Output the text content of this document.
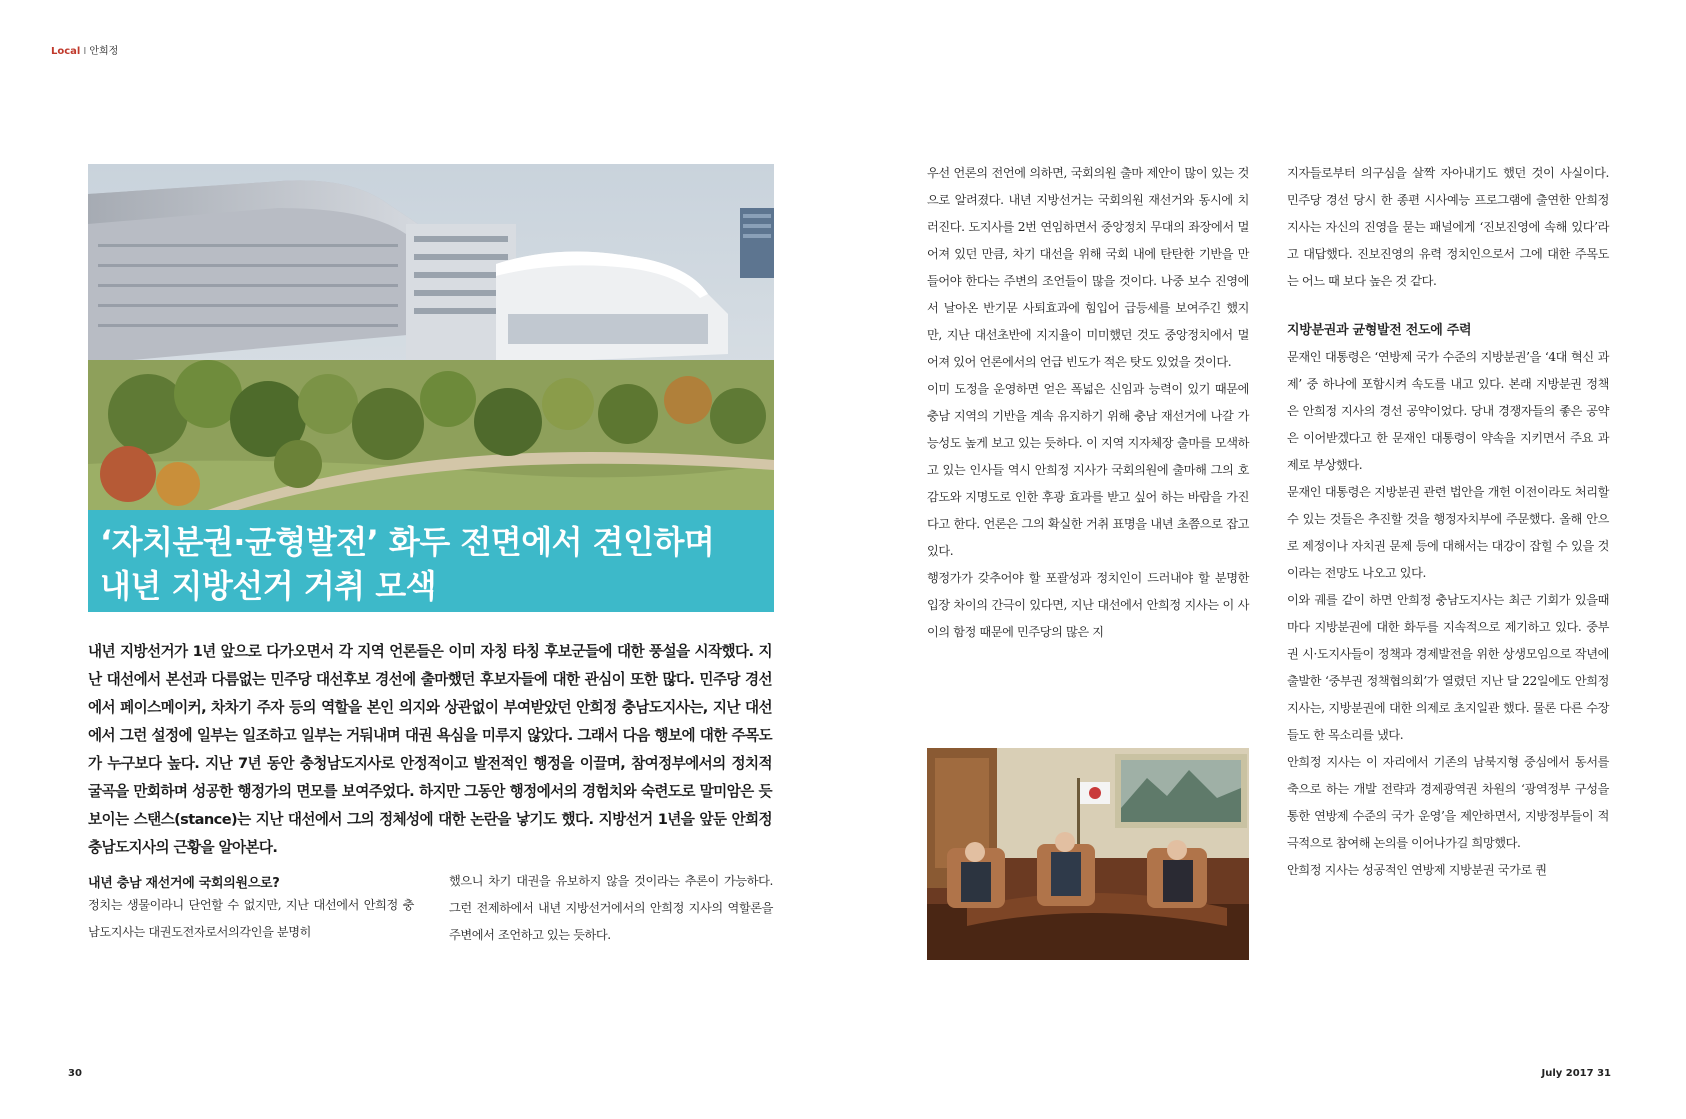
Local I 안희정
‘자치분권·균형발전’ 화두 전면에서 견인하며
내년 지방선거 거취 모색

내년 지방선거가 1년 앞으로 다가오면서 각 지역 언론들은 이미 자칭 타칭 후보군들에 대한 풍설을 시작했다. 지난 대선에서 본선과 다름없는 민주당 대선후보 경선에 출마했던 후보자들에 대한 관심이 또한 많다. 민주당 경선에서 페이스메이커, 차차기 주자 등의 역할을 본인 의지와 상관없이 부여받았던 안희정 충남도지사는, 지난 대선에서 그런 설정에 일부는 일조하고 일부는 거둬내며 대권 욕심을 미루지 않았다. 그래서 다음 행보에 대한 주목도가 누구보다 높다. 지난 7년 동안 충청남도지사로 안정적이고 발전적인 행정을 이끌며, 참여정부에서의 정치적 굴곡을 만회하며 성공한 행정가의 면모를 보여주었다. 하지만 그동안 행정에서의 경험치와 숙련도로 말미암은 듯 보이는 스탠스(stance)는 지난 대선에서 그의 정체성에 대한 논란을 낳기도 했다. 지방선거 1년을 앞둔 안희정 충남도지사의 근황을 알아본다.

내년 충남 재선거에 국회의원으로?

정치는 생물이라니 단언할 수 없지만, 지난 대선에서 안희정 충남도지사는 대권도전자로서의각인을 분명히

했으니 차기 대권을 유보하지 않을 것이라는 추론이 가능하다. 그런 전제하에서 내년 지방선거에서의 안희정 지사의 역할론을 주변에서 조언하고 있는 듯하다.

우선 언론의 전언에 의하면, 국회의원 출마 제안이 많이 있는 것으로 알려졌다. 내년 지방선거는 국회의원 재선거와 동시에 치러진다. 도지사를 2번 연임하면서 중앙정치 무대의 좌장에서 멀어져 있던 만큼, 차기 대선을 위해 국회 내에 탄탄한 기반을 만들어야 한다는 주변의 조언들이 많을 것이다. 나중 보수 진영에서 날아온 반기문 사퇴효과에 힘입어 급등세를 보여주긴 했지만, 지난 대선초반에 지지율이 미미했던 것도 중앙정치에서 멀어져 있어 언론에서의 언급 빈도가 적은 탓도 있었을 것이다.

이미 도정을 운영하면 얻은 폭넓은 신임과 능력이 있기 때문에 충남 지역의 기반을 계속 유지하기 위해 충남 재선거에 나갈 가능성도 높게 보고 있는 듯하다. 이 지역 지자체장 출마를 모색하고 있는 인사들 역시 안희정 지사가 국회의원에 출마해 그의 호감도와 지명도로 인한 후광 효과를 받고 싶어 하는 바람을 가진다고 한다. 언론은 그의 확실한 거취 표명을 내년 초쯤으로 잡고 있다.

행정가가 갖추어야 할 포괄성과 정치인이 드러내야 할 분명한 입장 차이의 간극이 있다면, 지난 대선에서 안희정 지사는 이 사이의 함정 때문에 민주당의 많은 지

지자들로부터 의구심을 살짝 자아내기도 했던 것이 사실이다. 민주당 경선 당시 한 종편 시사예능 프로그램에 출연한 안희정 지사는 자신의 진영을 묻는 패널에게 ‘진보진영에 속해 있다’라고 대답했다. 진보진영의 유력 정치인으로서 그에 대한 주목도는 어느 때 보다 높은 것 같다.

지방분권과 균형발전 전도에 주력

문재인 대통령은 ‘연방제 국가 수준의 지방분권’을 ‘4대 혁신 과제’ 중 하나에 포함시켜 속도를 내고 있다. 본래 지방분권 정책은 안희정 지사의 경선 공약이었다. 당내 경쟁자들의 좋은 공약은 이어받겠다고 한 문재인 대통령이 약속을 지키면서 주요 과제로 부상했다.

문재인 대통령은 지방분권 관련 법안을 개헌 이전이라도 처리할 수 있는 것들은 추진할 것을 행정자치부에 주문했다. 올해 안으로 제정이나 자치권 문제 등에 대해서는 대강이 잡힐 수 있을 것이라는 전망도 나오고 있다.

이와 궤를 같이 하면 안희정 충남도지사는 최근 기회가 있을때마다 지방분권에 대한 화두를 지속적으로 제기하고 있다. 중부권 시·도지사들이 정책과 경제발전을 위한 상생모임으로 작년에 출발한 ‘중부권 정책협의회’가 열렸던 지난 달 22일에도 안희정 지사는, 지방분권에 대한 의제로 초지일관 했다. 물론 다른 수장들도 한 목소리를 냈다.

안희정 지사는 이 자리에서 기존의 남북지형 중심에서 동서를 축으로 하는 개발 전략과 경제광역권 차원의 ‘광역정부 구성을 통한 연방제 수준의 국가 운영’을 제안하면서, 지방정부들이 적극적으로 참여해 논의를 이어나가길 희망했다.

안희정 지사는 성공적인 연방제 지방분권 국가로 퀀

30	July 2017 31
